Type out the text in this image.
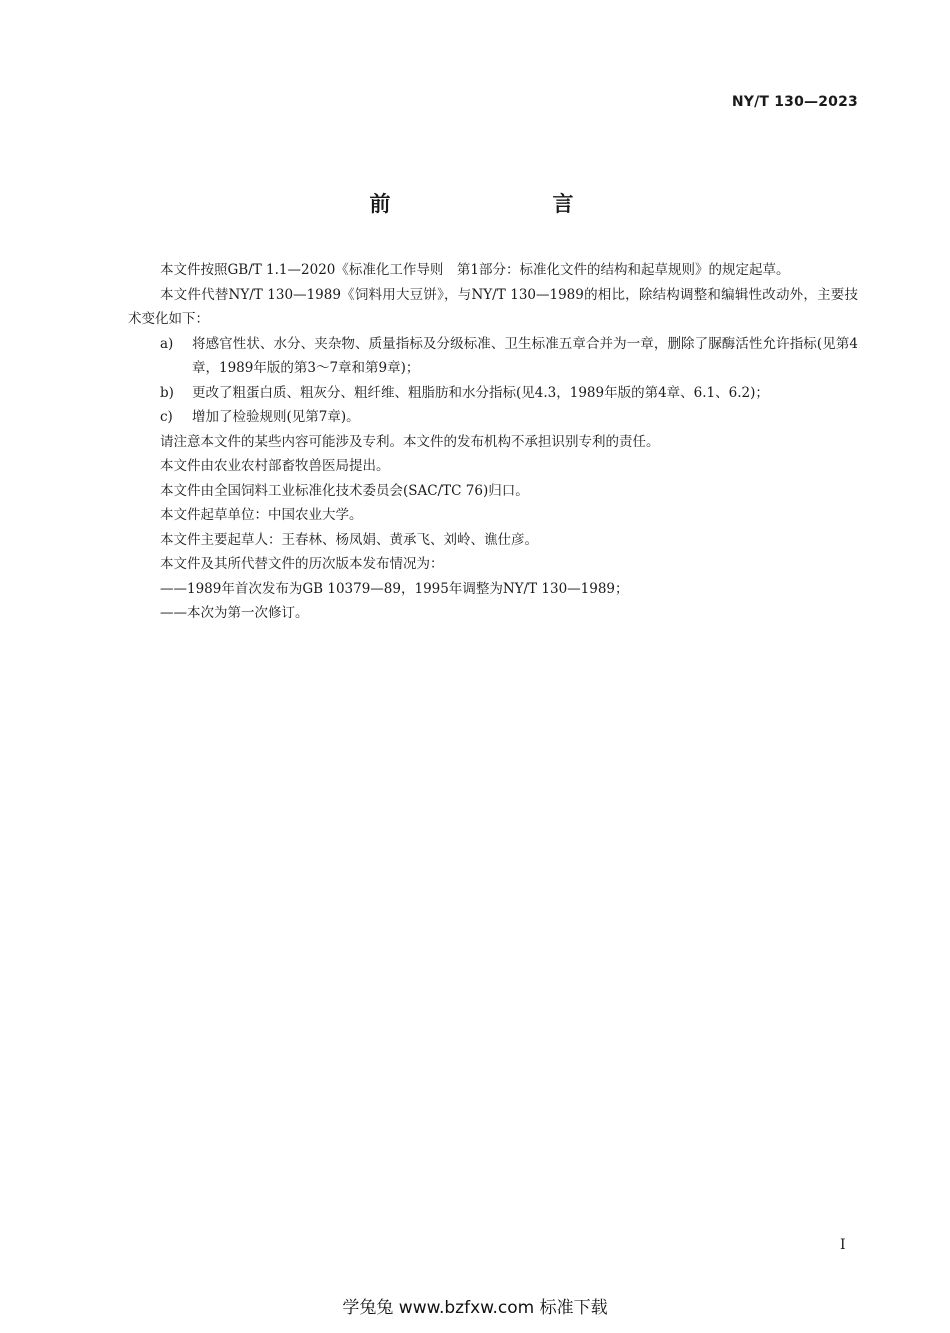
NY/T 130—2023
前　　言

本文件按照GB/T 1.1—2020《标准化工作导则　第1部分：标准化文件的结构和起草规则》的规定起草。

本文件代替NY/T 130—1989《饲料用大豆饼》，与NY/T 130—1989的相比，除结构调整和编辑性改动外，主要技术变化如下：

a) 将感官性状、水分、夹杂物、质量指标及分级标准、卫生标准五章合并为一章，删除了脲酶活性允许指标(见第4章，1989年版的第3～7章和第9章)；
b) 更改了粗蛋白质、粗灰分、粗纤维、粗脂肪和水分指标(见4.3，1989年版的第4章、6.1、6.2)；
c) 增加了检验规则(见第7章)。

请注意本文件的某些内容可能涉及专利。本文件的发布机构不承担识别专利的责任。

本文件由农业农村部畜牧兽医局提出。

本文件由全国饲料工业标准化技术委员会(SAC/TC 76)归口。

本文件起草单位：中国农业大学。

本文件主要起草人：王春林、杨凤娟、黄承飞、刘岭、谯仕彦。

本文件及其所代替文件的历次版本发布情况为：

——1989年首次发布为GB 10379—89，1995年调整为NY/T 130—1989；

——本次为第一次修订。

I
学兔兔 www.bzfxw.com 标准下载
